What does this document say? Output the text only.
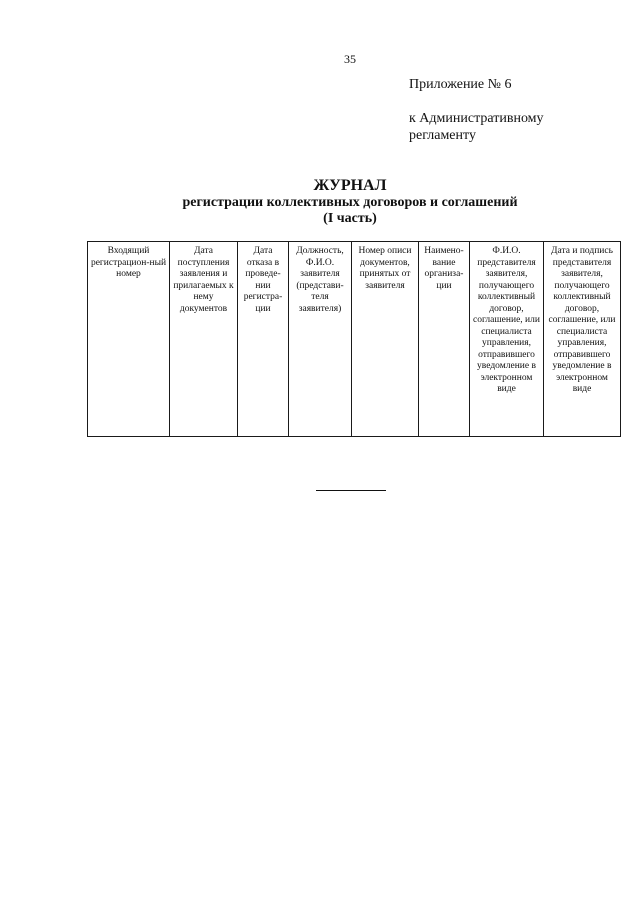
35
Приложение № 6
к Административному
регламенту
ЖУРНАЛ
регистрации коллективных договоров и соглашений
(I часть)
Входящий регистрацион-ный номер	Дата поступления заявления и прилагаемых к нему документов	Дата отказа в проведе-нии регистра-ции	Должность, Ф.И.О. заявителя (представи-теля заявителя)	Номер описи документов, принятых от заявителя	Наимено-вание организа-ции	Ф.И.О. представителя заявителя, получающего коллективный договор, соглашение, или специалиста управления, отправившего уведомление в электронном виде	Дата и подпись представителя заявителя, получающего коллективный договор, соглашение, или специалиста управления, отправившего уведомление в электронном виде
